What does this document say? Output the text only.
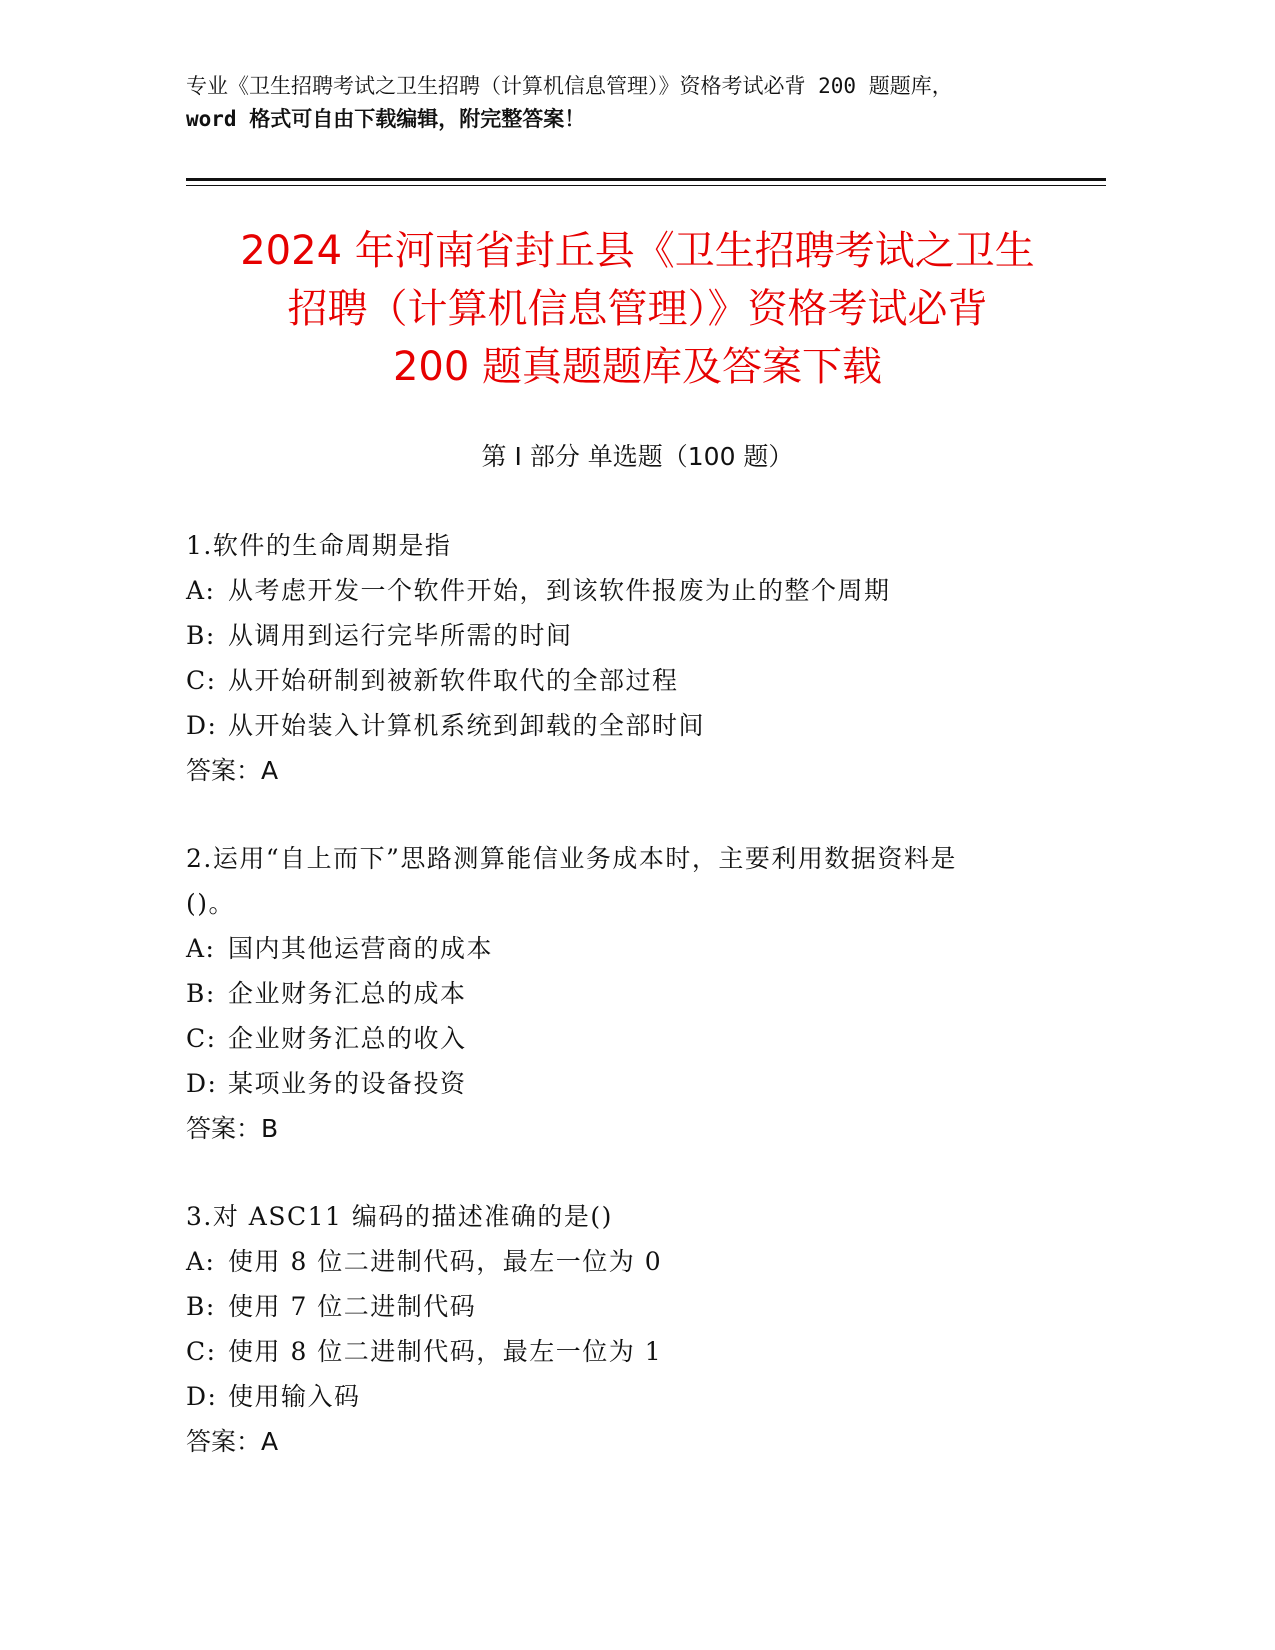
专业《卫生招聘考试之卫生招聘（计算机信息管理）》资格考试必背 200 题题库，
word 格式可自由下载编辑，附完整答案！
2024 年河南省封丘县《卫生招聘考试之卫生
招聘（计算机信息管理）》资格考试必背
200 题真题题库及答案下载
第 I 部分 单选题（100 题）
1.软件的生命周期是指
A: 从考虑开发一个软件开始，到该软件报废为止的整个周期
B: 从调用到运行完毕所需的时间
C: 从开始研制到被新软件取代的全部过程
D: 从开始装入计算机系统到卸载的全部时间
答案：A
2.运用“自上而下”思路测算能信业务成本时，主要利用数据资料是
()。
A: 国内其他运营商的成本
B: 企业财务汇总的成本
C: 企业财务汇总的收入
D: 某项业务的设备投资
答案：B
3.对 ASC11 编码的描述准确的是()
A: 使用 8 位二进制代码，最左一位为 0
B: 使用 7 位二进制代码
C: 使用 8 位二进制代码，最左一位为 1
D: 使用输入码
答案：A
